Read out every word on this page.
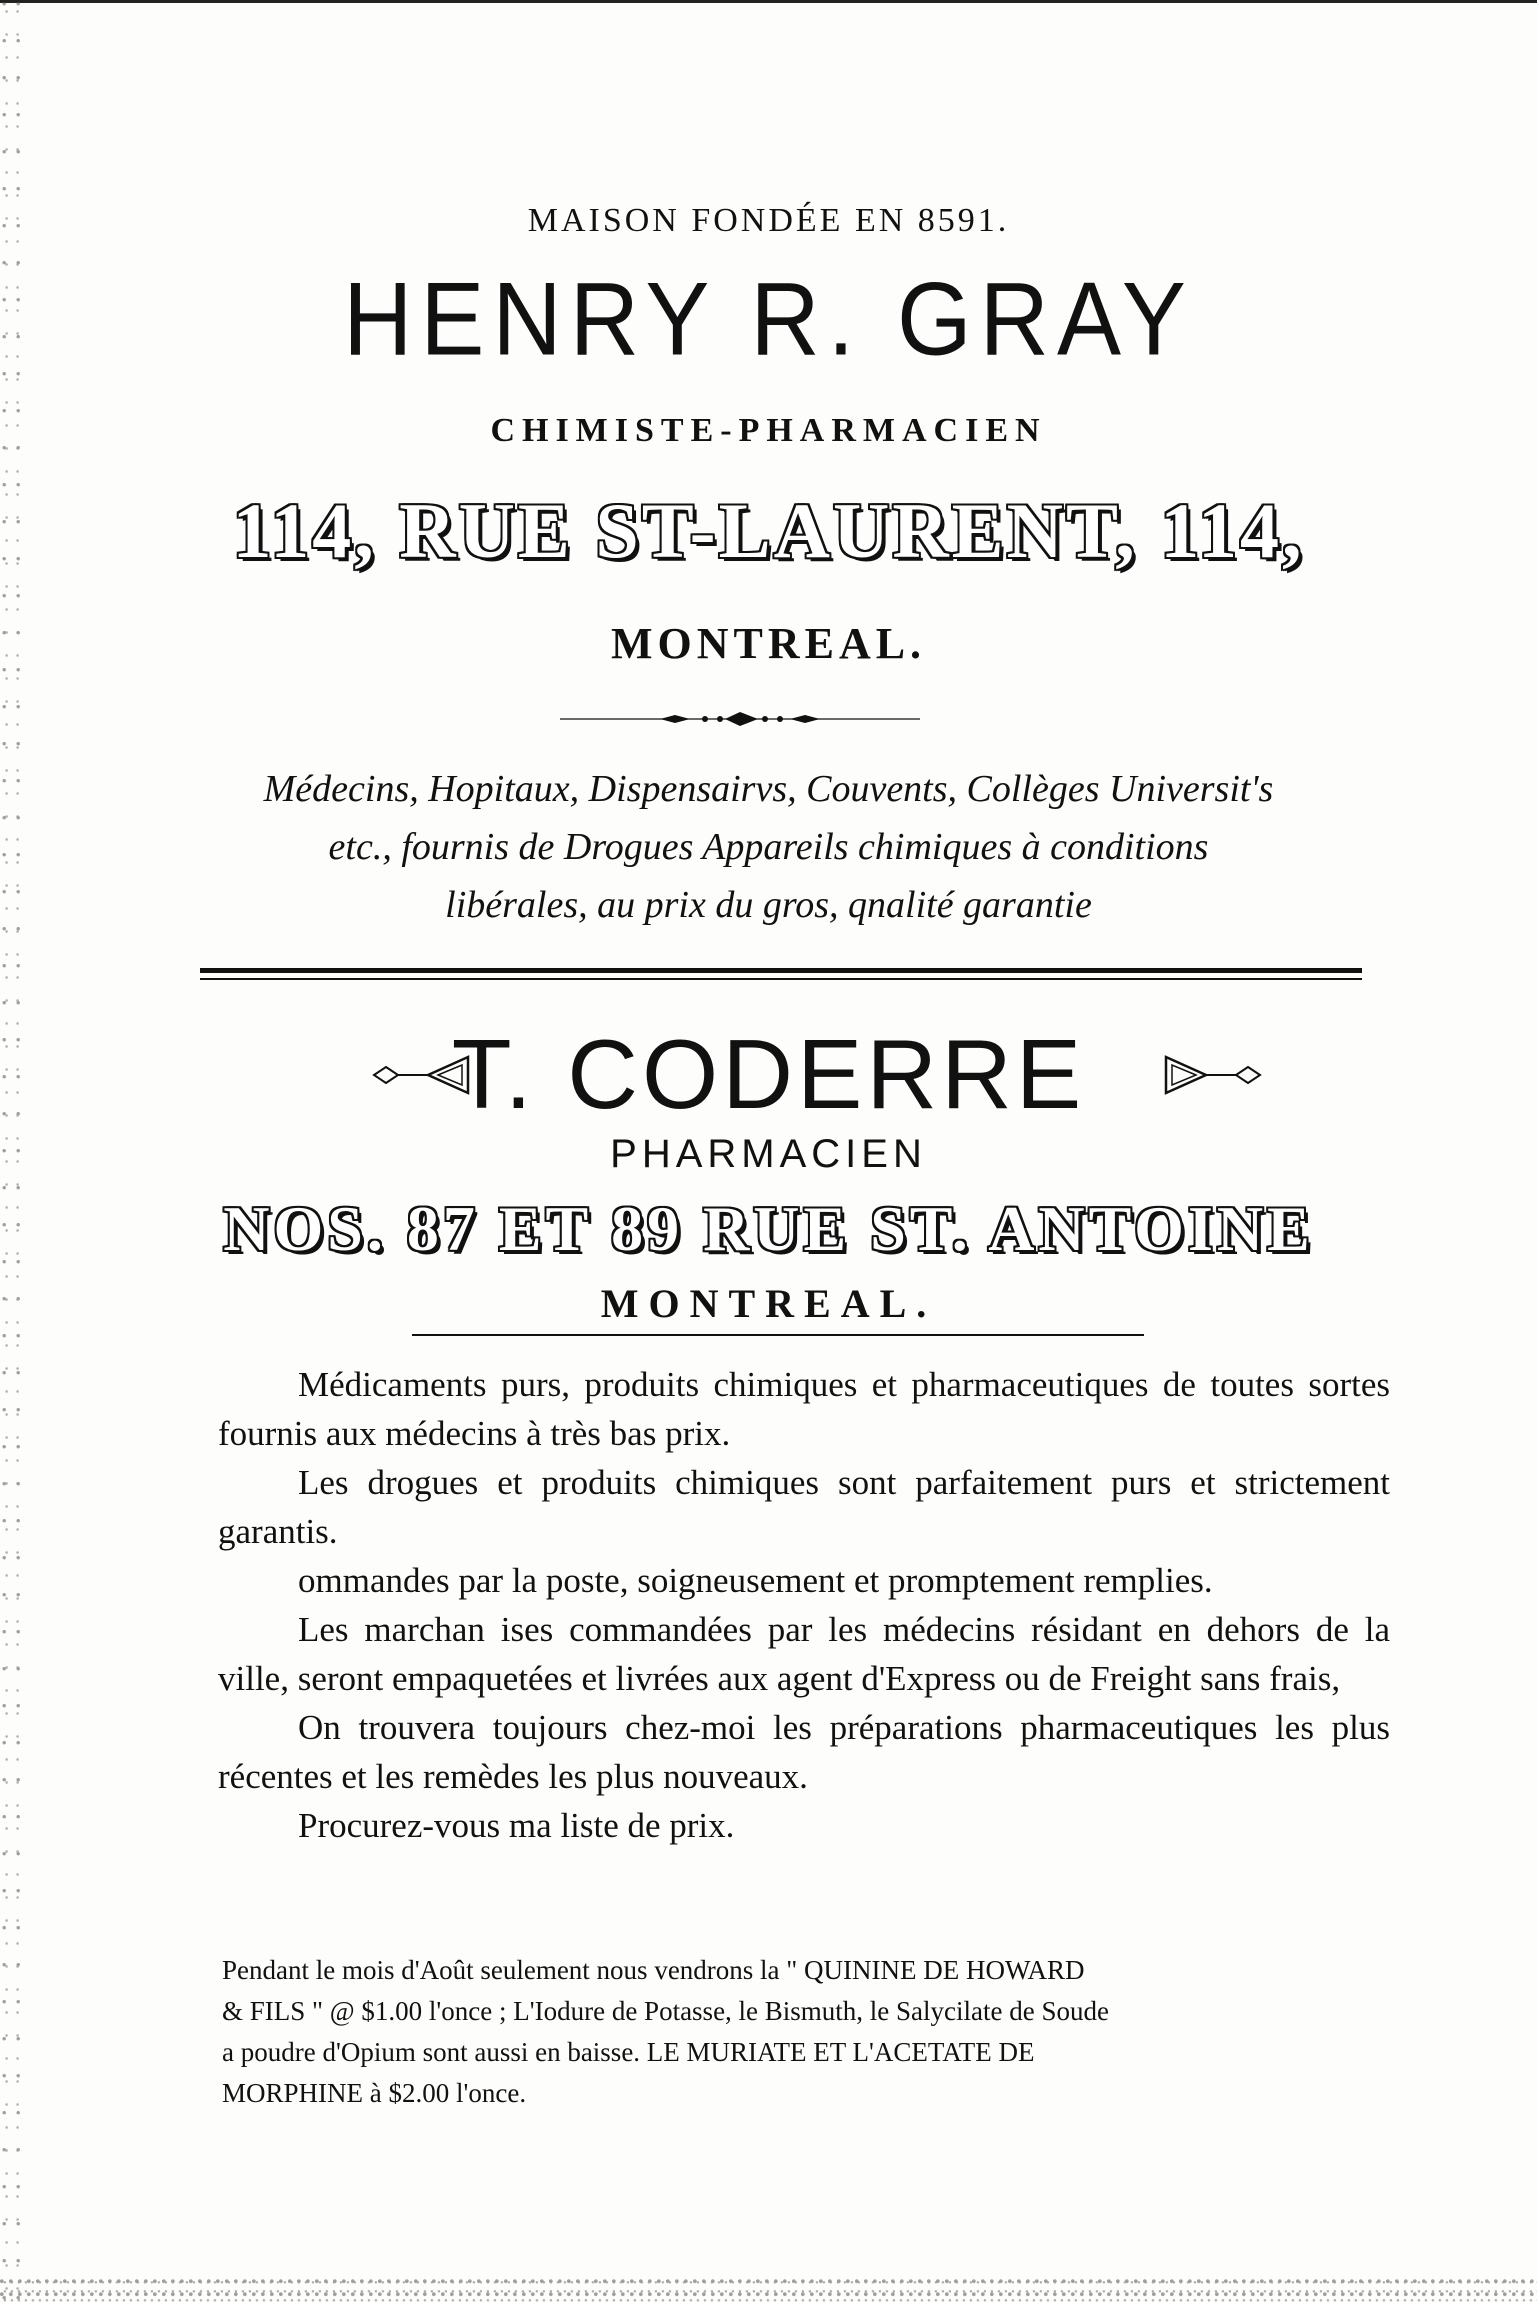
MAISON FONDÉE EN 8591.
HENRY R. GRAY
CHIMISTE-PHARMACIEN
114, RUE ST-LAURENT, 114,
MONTREAL.
Médecins, Hopitaux, Dispensairvs, Couvents, Collèges Universit's
etc., fournis de Drogues Appareils chimiques à conditions
libérales, au prix du gros, qnalité garantie
T. CODERRE
PHARMACIEN
NOS. 87 ET 89 RUE ST. ANTOINE
MONTREAL.

Médicaments purs, produits chimiques et pharmaceutiques de toutes sortes fournis aux médecins à très bas prix.

Les drogues et produits chimiques sont parfaitement purs et strictement garantis.

ommandes par la poste, soigneusement et promptement remplies.

Les marchan ises commandées par les médecins résidant en dehors de la ville, seront empaquetées et livrées aux agent d'Express ou de Freight sans frais,

On trouvera toujours chez-moi les préparations pharmaceutiques les plus récentes et les remèdes les plus nouveaux.

Procurez-vous ma liste de prix.

Pendant le mois d'Août seulement nous vendrons la " QUININE DE HOWARD
& FILS " @ $1.00 l'once ; L'Iodure de Potasse, le Bismuth, le Salycilate de Soude
a poudre d'Opium sont aussi en baisse. LE MURIATE ET L'ACETATE DE
MORPHINE à $2.00 l'once.
